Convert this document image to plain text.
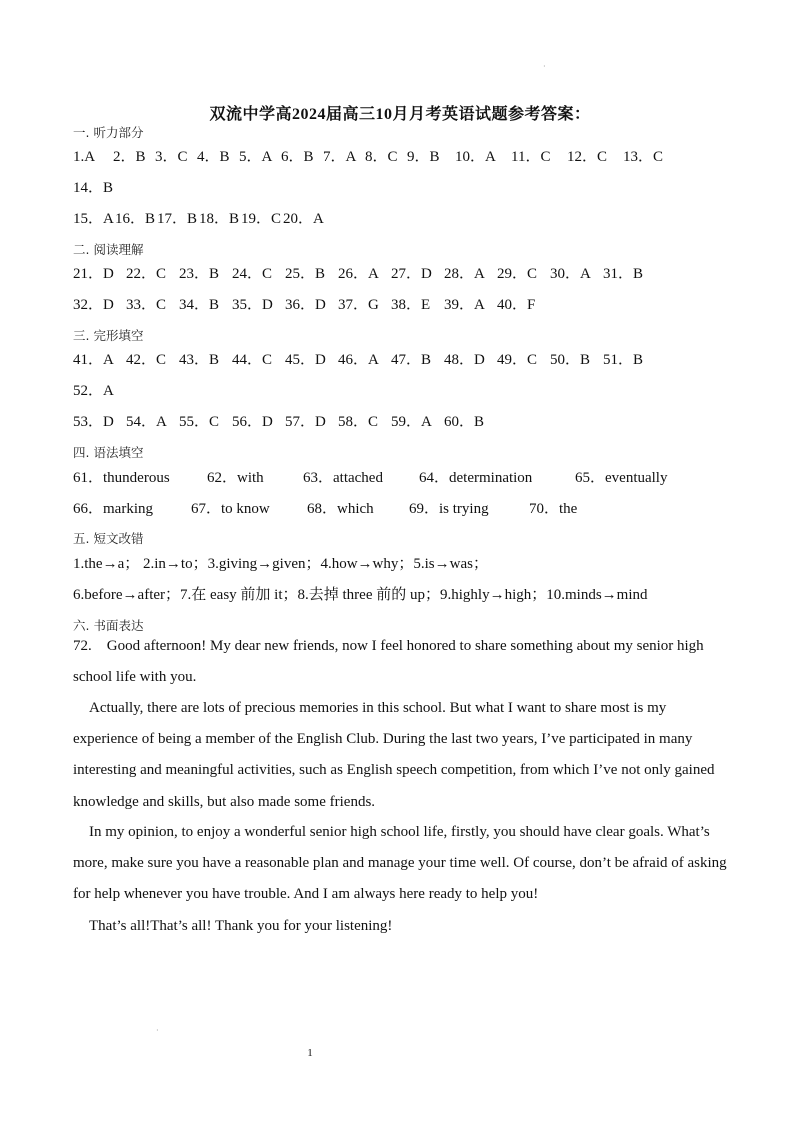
·
双流中学高2024届高三10月月考英语试题参考答案：
一. 听力部分
1.A 2．B 3．C 4．B 5．A 6．B 7．A 8．C 9．B 10．A 11．C 12．C 13．C
14．B
15．A16．B 17．B 18．B 19．C 20．A
二. 阅读理解
21．D 22．C 23．B 24．C 25．B 26．A 27．D 28．A 29．C 30．A 31．B
32．D 33．C 34．B 35．D 36．D 37．G 38．E 39．A 40．F
三. 完形填空
41．A 42．C 43．B 44．C 45．D 46．A 47．B 48．D 49．C 50．B 51．B
52．A
53．D 54．A 55．C 56．D 57．D 58．C 59．A 60．B
四. 语法填空
61．thunderous 62．with	63．attached 64．determination	65．eventually
66．marking	67．to know 68．which 69．is trying	70．the
五. 短文改错
1.the→a； 2.in→to；3.giving→given；4.how→why；5.is→was；
6.before→after；7.在 easy 前加 it；8.去掉 three 前的 up；9.highly→high；10.minds→mind
六. 书面表达
72.　Good afternoon! My dear new friends, now I feel honored to share something about my senior high school life with you.
Actually, there are lots of precious memories in this school. But what I want to share most is my experience of being a member of the English Club. During the last two years, I’ve participated in many interesting and meaningful activities, such as English speech competition, from which I’ve not only gained knowledge and skills, but also made some friends.
In my opinion, to enjoy a wonderful senior high school life, firstly, you should have clear goals. What’s more, make sure you have a reasonable plan and manage your time well. Of course, don’t be afraid of asking for help whenever you have trouble. And I am always here ready to help you!
That’s all!That’s all! Thank you for your listening!
·
1
